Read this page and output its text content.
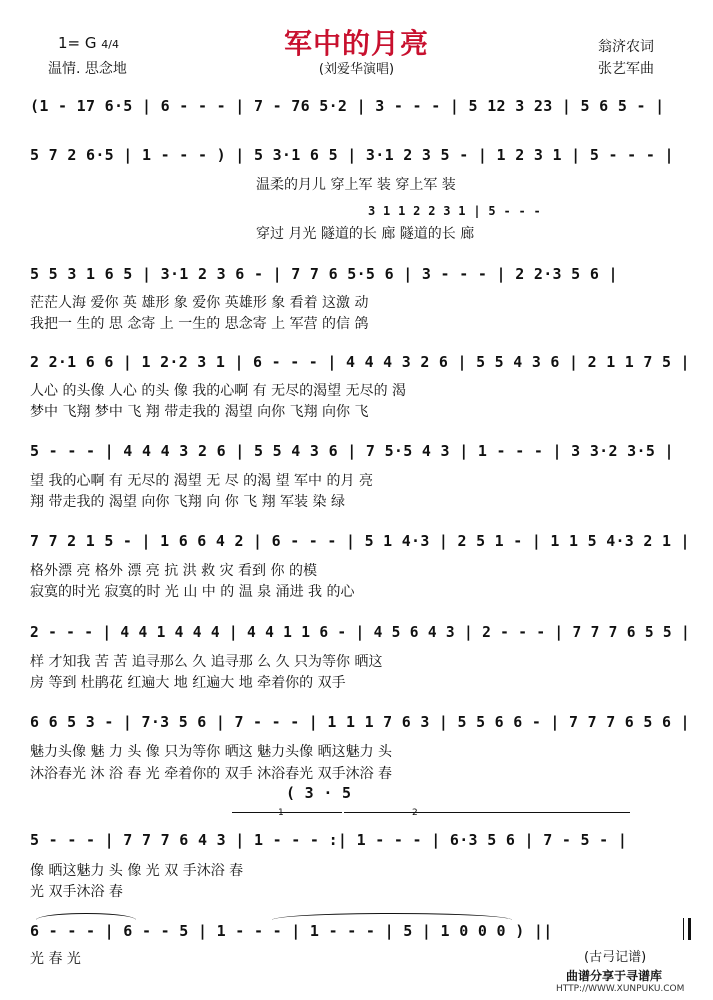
军中的月亮
1= G 4/4
温情. 思念地	(刘爱华演唱)
翁济农词
张艺军曲
(1 - 17 6·5 | 6 - - - | 7 - 76 5·2 | 3 - - - | 5 12 3 23 | 5 6 5 - |
5 7 2 6·5 | 1 - - - ) | 5 3·1 6 5 | 3·1 2 3 5 - | 1 2 3 1 | 5 - - - |
温柔的月儿 穿上军 装 穿上军 装
3 1 1 2 2 3 1 | 5 - - -
穿过 月光 隧道的长 廊 隧道的长 廊
5 5 3 1 6 5 | 3·1 2 3 6 - | 7 7 6 5·5 6 | 3 - - - | 2 2·3 5 6 |
茫茫人海 爱你 英 雄形 象 爱你 英雄形 象 看着 这激 动
我把一 生的 思 念寄 上 一生的 思念寄 上 军营 的信 鸽
2 2·1 6 6 | 1 2·2 3 1 | 6 - - - | 4 4 4 3 2 6 | 5 5 4 3 6 | 2 1 1 7 5 |
人心 的头像 人心 的头 像 我的心啊 有 无尽的渴望 无尽的 渴
梦中 飞翔 梦中 飞 翔 带走我的 渴望 向你 飞翔 向你 飞
5 - - - | 4 4 4 3 2 6 | 5 5 4 3 6 | 7 5·5 4 3 | 1 - - - | 3 3·2 3·5 |
望 我的心啊 有 无尽的 渴望 无 尽 的渴 望 军中 的月 亮
翔 带走我的 渴望 向你 飞翔 向 你 飞 翔 军装 染 绿
7 7 2 1 5 - | 1 6 6 4 2 | 6 - - - | 5 1 4·3 | 2 5 1 - | 1 1 5 4·3 2 1 |
格外漂 亮 格外 漂 亮 抗 洪 救 灾 看到 你 的模
寂寞的时光 寂寞的时 光 山 中 的 温 泉 涌进 我 的心
2 - - - | 4 4 1 4 4 4 | 4 4 1 1 6 - | 4 5 6 4 3 | 2 - - - | 7 7 7 6 5 5 |
样 才知我 苦 苦 追寻那么 久 追寻那 么 久 只为等你 晒这
房 等到 杜鹃花 红遍大 地 红遍大 地 牵着你的 双手
6 6 5 3 - | 7·3 5 6 | 7 - - - | 1 1 1 7 6 3 | 5 5 6 6 - | 7 7 7 6 5 6 |
魅力头像 魅 力 头 像 只为等你 晒这 魅力头像 晒这魅力 头
沐浴春光 沐 浴 春 光 牵着你的 双手 沐浴春光 双手沐浴 春
( 3 · 5
1	2
5 - - - | 7 7 7 6 4 3 | 1 - - - :| 1 - - - | 6·3 5 6 | 7 - 5 - |
像 晒这魅力 头 像 光 双 手沐浴 春
光 双手沐浴 春
6 - - - | 6 - - 5 | 1 - - - | 1 - - - | 5 | 1 0 0 0 ) ||
光 春 光	(古弓记谱)
曲谱分享于寻谱库
HTTP://WWW.XUNPUKU.COM
